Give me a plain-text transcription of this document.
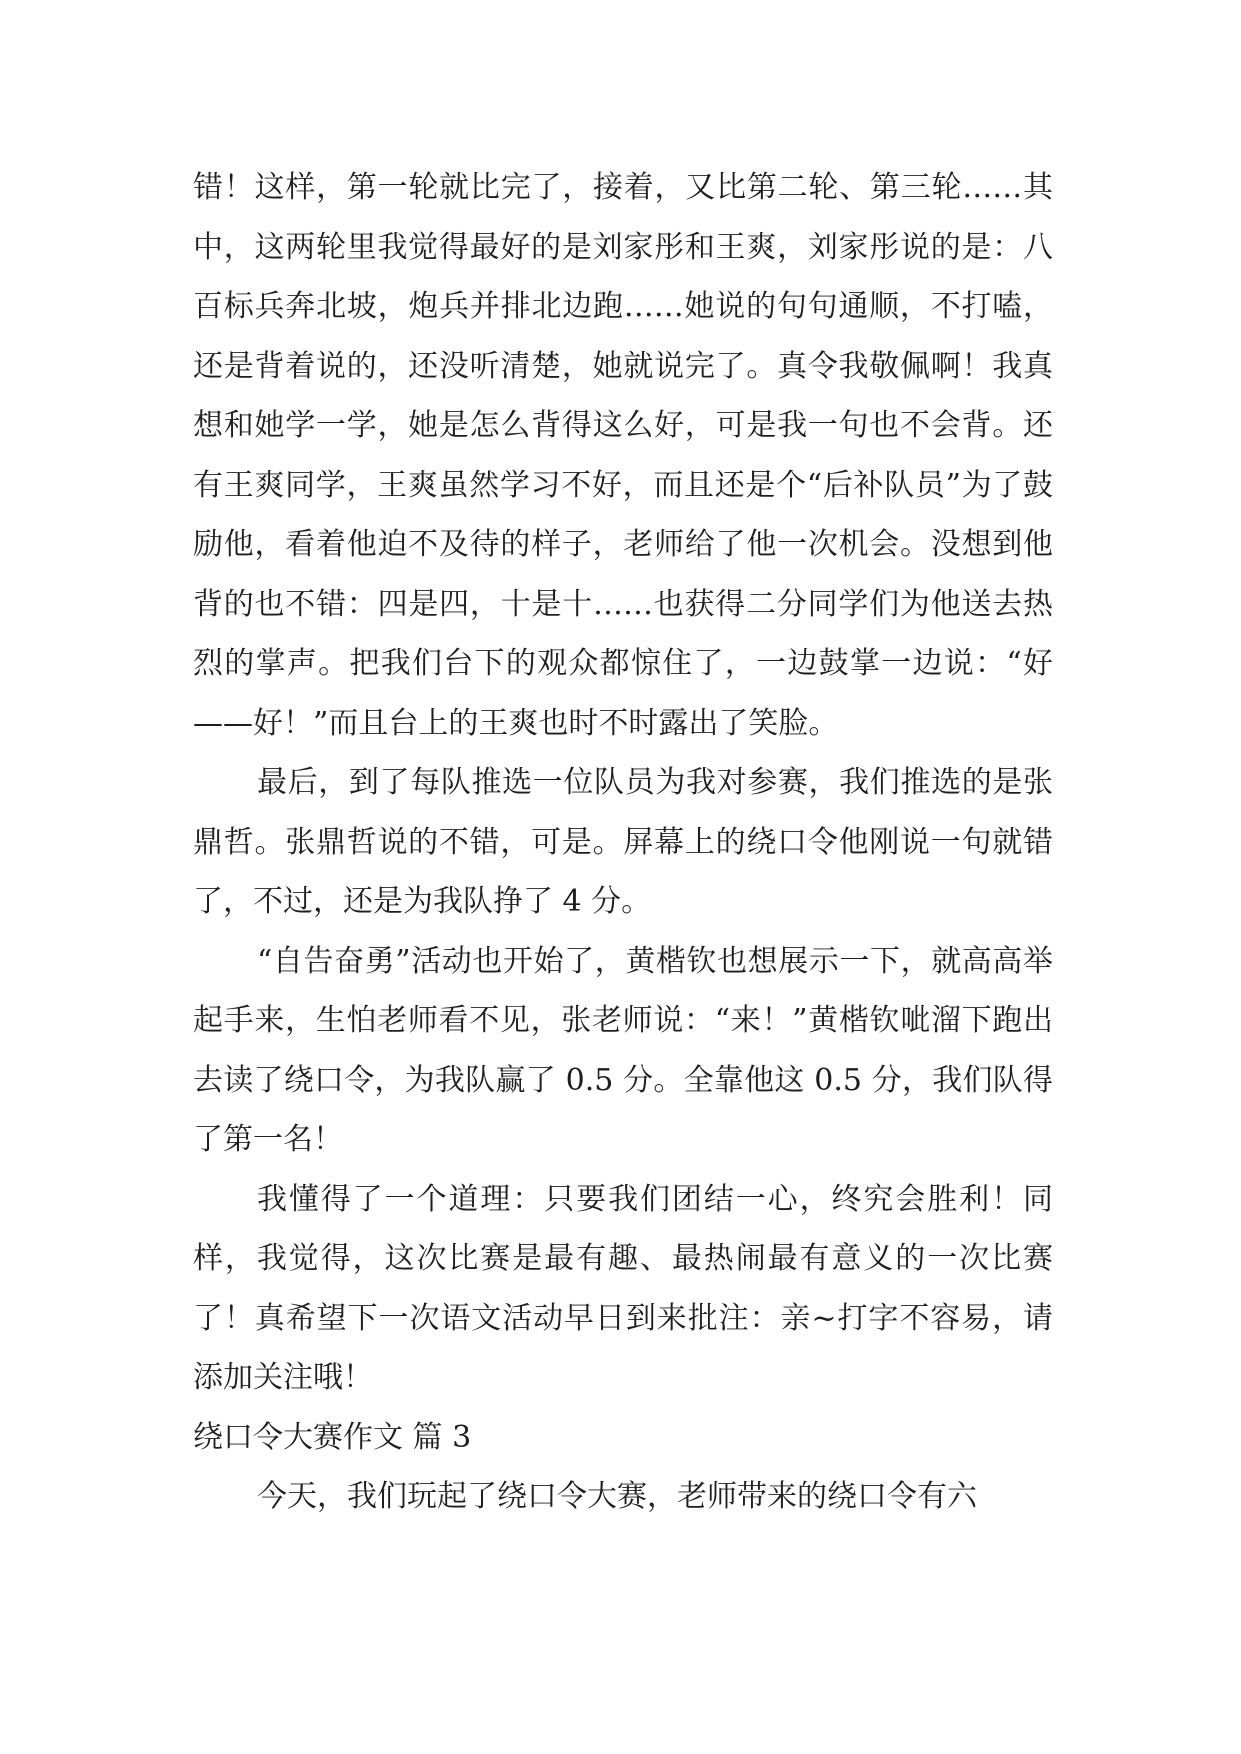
错！这样，第一轮就比完了，接着，又比第二轮、第三轮……其中，这两轮里我觉得最好的是刘家彤和王爽，刘家彤说的是：八百标兵奔北坡，炮兵并排北边跑……她说的句句通顺，不打嗑，还是背着说的，还没听清楚，她就说完了。真令我敬佩啊！我真想和她学一学，她是怎么背得这么好，可是我一句也不会背。还有王爽同学，王爽虽然学习不好，而且还是个“后补队员”为了鼓励他，看着他迫不及待的样子，老师给了他一次机会。没想到他背的也不错：四是四，十是十……也获得二分同学们为他送去热烈的掌声。把我们台下的观众都惊住了，一边鼓掌一边说：“好——好！”而且台上的王爽也时不时露出了笑脸。

最后，到了每队推选一位队员为我对参赛，我们推选的是张鼎哲。张鼎哲说的不错，可是。屏幕上的绕口令他刚说一句就错了，不过，还是为我队挣了 4 分。

“自告奋勇”活动也开始了，黄楷钦也想展示一下，就高高举起手来，生怕老师看不见，张老师说：“来！”黄楷钦呲溜下跑出去读了绕口令，为我队赢了 0.5 分。全靠他这 0.5 分，我们队得了第一名！

我懂得了一个道理：只要我们团结一心，终究会胜利！同样，我觉得，这次比赛是最有趣、最热闹最有意义的一次比赛了！真希望下一次语文活动早日到来批注：亲~打字不容易，请添加关注哦！

绕口令大赛作文 篇 3

今天，我们玩起了绕口令大赛，老师带来的绕口令有六
